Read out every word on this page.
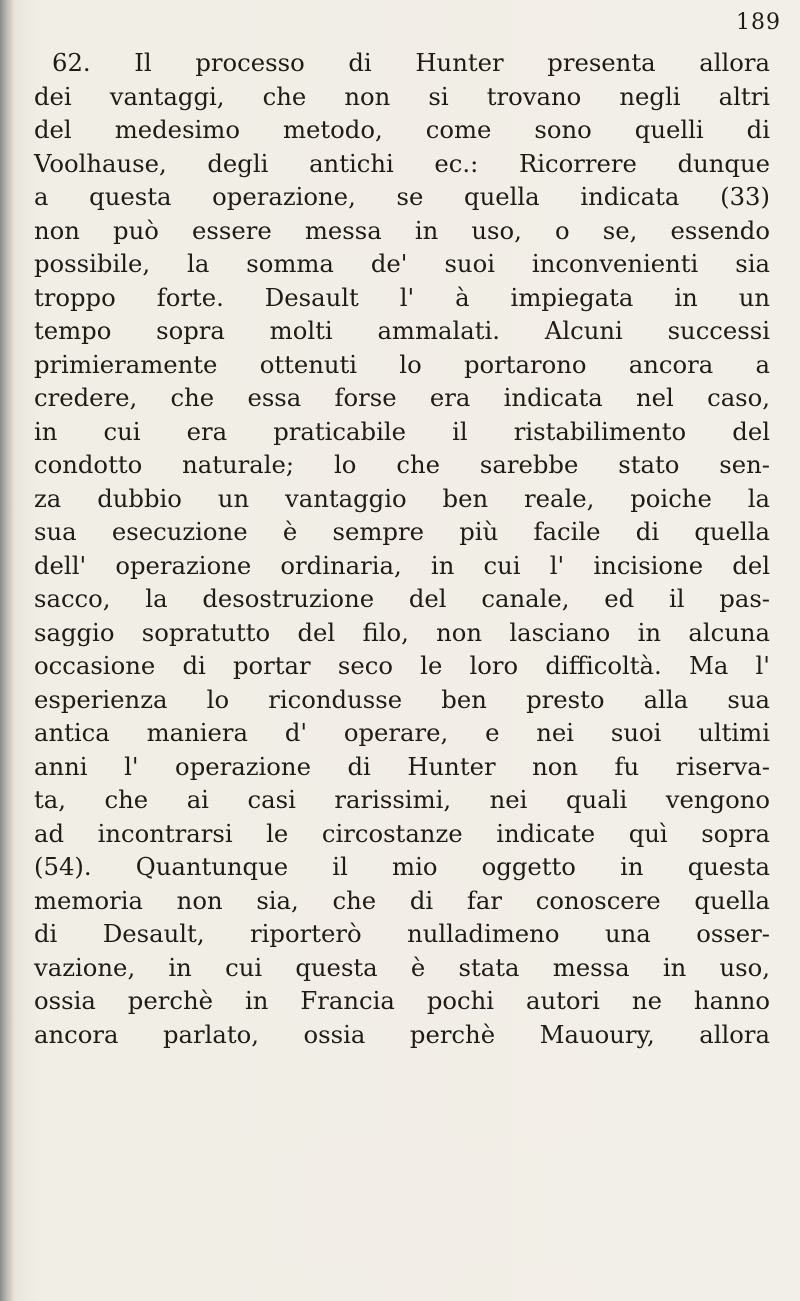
189
62. Il processo di Hunter presenta allora
dei vantaggi, che non si trovano negli altri
del medesimo metodo, come sono quelli di
Voolhause, degli antichi ec.: Ricorrere dunque
a questa operazione, se quella indicata (33)
non può essere messa in uso, o se, essendo
possibile, la somma de' suoi inconvenienti sia
troppo forte. Desault l' à impiegata in un
tempo sopra molti ammalati. Alcuni successi
primieramente ottenuti lo portarono ancora a
credere, che essa forse era indicata nel caso,
in cui era praticabile il ristabilimento del
condotto naturale; lo che sarebbe stato sen-
za dubbio un vantaggio ben reale, poiche la
sua esecuzione è sempre più facile di quella
dell' operazione ordinaria, in cui l' incisione del
sacco, la desostruzione del canale, ed il pas-
saggio sopratutto del filo, non lasciano in alcuna
occasione di portar seco le loro difficoltà. Ma l'
esperienza lo ricondusse ben presto alla sua
antica maniera d' operare, e nei suoi ultimi
anni l' operazione di Hunter non fu riserva-
ta, che ai casi rarissimi, nei quali vengono
ad incontrarsi le circostanze indicate quì sopra
(54). Quantunque il mio oggetto in questa
memoria non sia, che di far conoscere quella
di Desault, riporterò nulladimeno una osser-
vazione, in cui questa è stata messa in uso,
ossia perchè in Francia pochi autori ne hanno
ancora parlato, ossia perchè Mauoury, allora
